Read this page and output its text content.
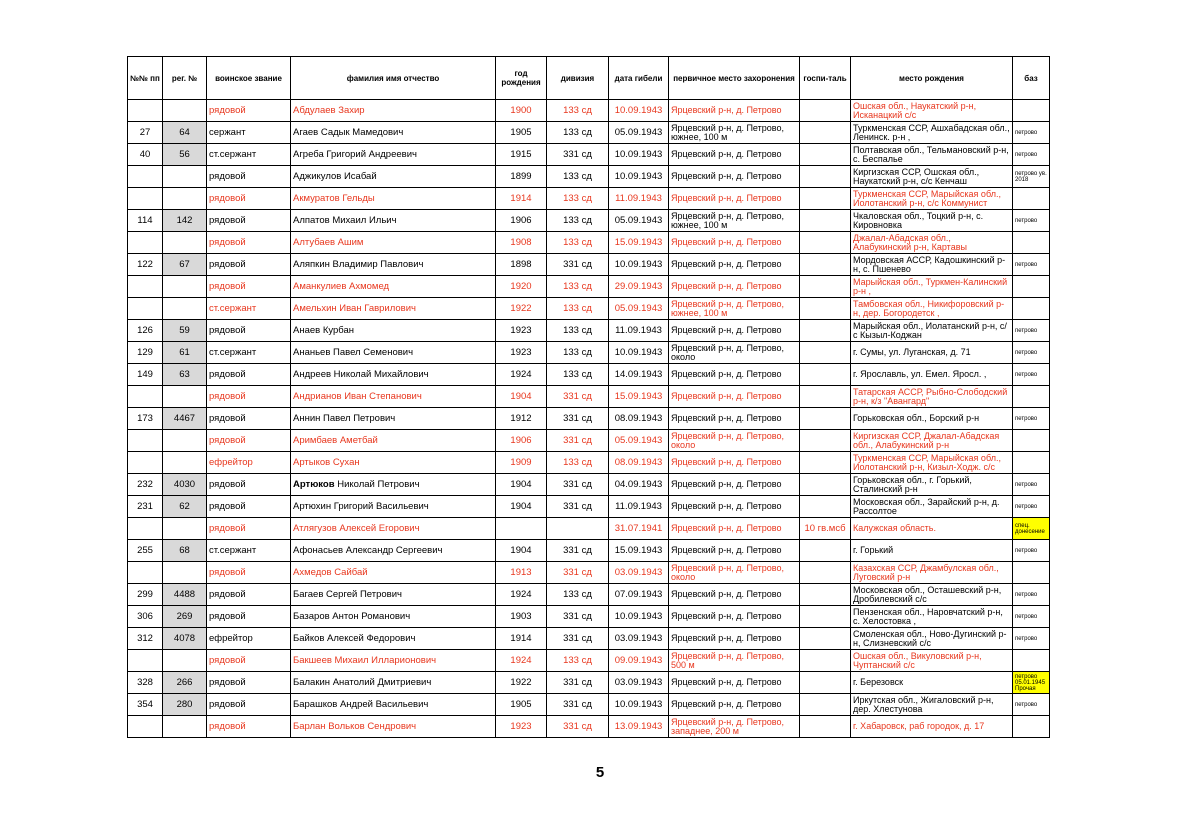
№№ пп	рег. №	воинское звание	фамилия имя отчество	год рождения	дивизия	дата гибели	первичное место захоронения	госпи-таль	место рождения	баз
		рядовой	Абдулаев Захир	1900	133 сд	10.09.1943	Ярцевский р-н, д. Петрово		Ошская обл., Наукатский р-н, Исканацкий с/с	
27	64	сержант	Агаев Садык Мамедович	1905	133 сд	05.09.1943	Ярцевский р-н, д. Петрово, южнее, 100 м		Туркменская ССР, Ашхабадская обл., Ленинск. р-н ,	петрово
40	56	ст.сержант	Агреба Григорий Андреевич	1915	331 сд	10.09.1943	Ярцевский р-н, д. Петрово		Полтавская обл., Тельмановский р-н, с. Беспалье	петрово
		рядовой	Аджикулов Исабай	1899	133 сд	10.09.1943	Ярцевский р-н, д. Петрово		Киргизская ССР, Ошская обл., Наукатский р-н, с/с Кенчаш	петрово ув. 2018
		рядовой	Акмуратов Гельды	1914	133 сд	11.09.1943	Ярцевский р-н, д. Петрово		Туркменская ССР, Марыйская обл., Иолотанский р-н, с/с Коммунист	
114	142	рядовой	Алпатов Михаил Ильич	1906	133 сд	05.09.1943	Ярцевский р-н, д. Петрово, южнее, 100 м		Чкаловская обл., Тоцкий р-н, с. Кировновка	петрово
		рядовой	Алтубаев Ашим	1908	133 сд	15.09.1943	Ярцевский р-н, д. Петрово		Джалал-Абадская обл., Алабукинский р-н, Картавы	
122	67	рядовой	Аляпкин Владимир Павлович	1898	331 сд	10.09.1943	Ярцевский р-н, д. Петрово		Мордовская АССР, Кадошкинский р-н, с. Пшенево	петрово
		рядовой	Аманкулиев Ахмомед	1920	133 сд	29.09.1943	Ярцевский р-н, д. Петрово		Марыйская обл., Туркмен-Калинский р-н ,	
		ст.сержант	Амельхин Иван Гаврилович	1922	133 сд	05.09.1943	Ярцевский р-н, д. Петрово, южнее, 100 м		Тамбовская обл., Никифоровский р-н, дер. Богородетск ,	
126	59	рядовой	Анаев Курбан	1923	133 сд	11.09.1943	Ярцевский р-н, д. Петрово		Марыйская обл., Иолатанский р-н, с/с Кызыл-Коджан	петрово
129	61	ст.сержант	Ананьев Павел Семенович	1923	133 сд	10.09.1943	Ярцевский р-н, д. Петрово, около		г. Сумы, ул. Луганская, д. 71	петрово
149	63	рядовой	Андреев Николай Михайлович	1924	133 сд	14.09.1943	Ярцевский р-н, д. Петрово		г. Ярославль, ул. Емел. Яросл. ,	петрово
		рядовой	Андрианов Иван Степанович	1904	331 сд	15.09.1943	Ярцевский р-н, д. Петрово		Татарская АССР, Рыбно-Слободский р-н, к/з "Авангард"	
173	4467	рядовой	Аннин Павел Петрович	1912	331 сд	08.09.1943	Ярцевский р-н, д. Петрово		Горьковская обл., Борский р-н	петрово
		рядовой	Аримбаев Аметбай	1906	331 сд	05.09.1943	Ярцевский р-н, д. Петрово, около		Киргизская ССР, Джалал-Абадская обл., Алабукинский р-н	
		ефрейтор	Артыков Сухан	1909	133 сд	08.09.1943	Ярцевский р-н, д. Петрово		Туркменская ССР, Марыйская обл., Иолотанский р-н, Кизыл-Ходж. с/с	
232	4030	рядовой	Артюков Николай Петрович	1904	331 сд	04.09.1943	Ярцевский р-н, д. Петрово		Горьковская обл., г. Горький, Сталинский р-н	петрово
231	62	рядовой	Артюхин Григорий Васильевич	1904	331 сд	11.09.1943	Ярцевский р-н, д. Петрово		Московская обл., Зарайский р-н, д. Рассолтое	петрово
		рядовой	Атлягузов Алексей Егорович			31.07.1941	Ярцевский р-н, д. Петрово	10 гв.мсб	Калужская область.	спец. донесение
255	68	ст.сержант	Афонасьев Александр Сергеевич	1904	331 сд	15.09.1943	Ярцевский р-н, д. Петрово		г. Горький	петрово
		рядовой	Ахмедов Сайбай	1913	331 сд	03.09.1943	Ярцевский р-н, д. Петрово, около		Казахская ССР, Джамбулская обл., Луговский р-н	
299	4488	рядовой	Багаев Сергей Петрович	1924	133 сд	07.09.1943	Ярцевский р-н, д. Петрово		Московская обл., Осташевский р-н, Дробилевский с/с	петрово
306	269	рядовой	Базаров Антон Романович	1903	331 сд	10.09.1943	Ярцевский р-н, д. Петрово		Пензенская обл., Наровчатский р-н, с. Хелостовка ,	петрово
312	4078	ефрейтор	Байков Алексей Федорович	1914	331 сд	03.09.1943	Ярцевский р-н, д. Петрово		Смоленская обл., Ново-Дугинский р-н, Слизневский с/с	петрово
		рядовой	Бакшеев Михаил Илларионович	1924	133 сд	09.09.1943	Ярцевский р-н, д. Петрово, 500 м		Ошская обл., Викуловский р-н, Чуптанский с/с	
328	266	рядовой	Балакин Анатолий Дмитриевич	1922	331 сд	03.09.1943	Ярцевский р-н, д. Петрово		г. Березовск	петрово 05.01.1945 Прочая
354	280	рядовой	Барашков Андрей Васильевич	1905	331 сд	10.09.1943	Ярцевский р-н, д. Петрово		Иркутская обл., Жигаловский р-н, дер. Хлестунова	петрово
		рядовой	Барлан Вольков Сендрович	1923	331 сд	13.09.1943	Ярцевский р-н, д. Петрово, западнее, 200 м		г. Хабаровск, раб городок, д. 17	
5
